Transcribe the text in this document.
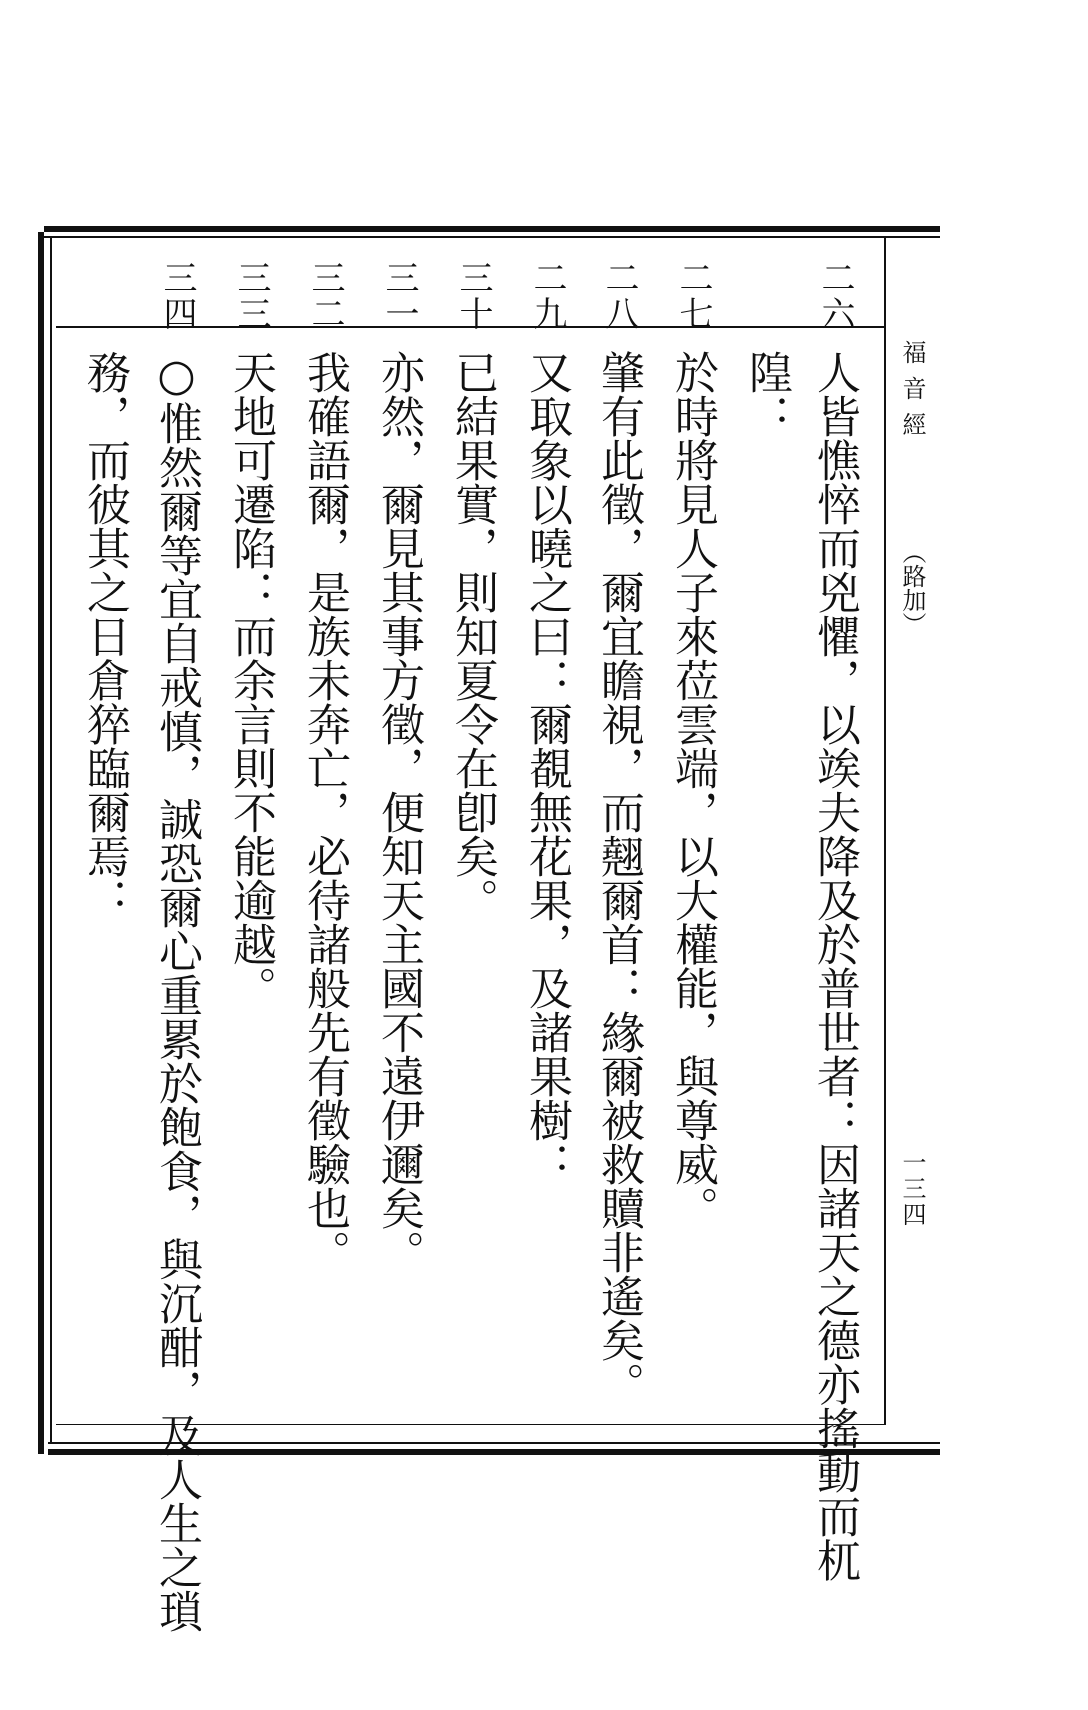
福音經
（路加）
一三四
二六
二七
二八
二九
三十
三一
三二
三三
三四
人皆憔悴而兇懼，以竢夫降及於普世者：因諸天之德亦搖動而杌
隍：
於時將見人子來莅雲端，以大權能，與尊威。
肇有此徵，爾宜瞻視，而翹爾首：緣爾被救贖非遙矣。
又取象以曉之曰：爾覩無花果，及諸果樹：
已結果實，則知夏令在卽矣。
亦然，爾見其事方徵，便知天主國不遠伊邇矣。
我確語爾，是族未奔亡，必待諸般先有徵驗也。
天地可遷陷：而余言則不能逾越。
○惟然爾等宜自戒慎，誠恐爾心重累於飽食，與沉酣，及人生之瑣
務，而彼其之日倉猝臨爾焉：
